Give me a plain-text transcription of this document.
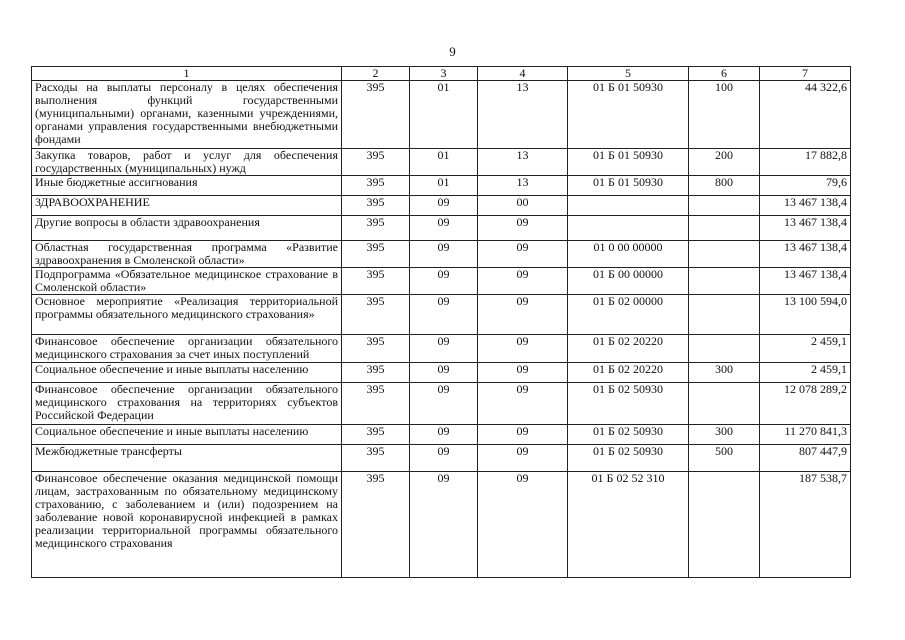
9
1	2	3	4	5	6	7
Расходы на выплаты персоналу в целях обеспечения выполнения функций государственными (муниципальными) органами, казенными учреждениями, органами управления государственными внебюджетными фондами	395	01	13	01 Б 01 50930	100	44 322,6
Закупка товаров, работ и услуг для обеспечения государственных (муниципальных) нужд	395	01	13	01 Б 01 50930	200	17 882,8
Иные бюджетные ассигнования	395	01	13	01 Б 01 50930	800	79,6
ЗДРАВООХРАНЕНИЕ	395	09	00			13 467 138,4
Другие вопросы в области здравоохранения	395	09	09			13 467 138,4
Областная государственная программа «Развитие здравоохранения в Смоленской области»	395	09	09	01 0 00 00000		13 467 138,4
Подпрограмма «Обязательное медицинское страхование в Смоленской области»	395	09	09	01 Б 00 00000		13 467 138,4
Основное мероприятие «Реализация территориальной программы обязательного медицинского страхования»	395	09	09	01 Б 02 00000		13 100 594,0
Финансовое обеспечение организации обязательного медицинского страхования за счет иных поступлений	395	09	09	01 Б 02 20220		2 459,1
Социальное обеспечение и иные выплаты населению	395	09	09	01 Б 02 20220	300	2 459,1
Финансовое обеспечение организации обязательного медицинского страхования на территориях субъектов Российской Федерации	395	09	09	01 Б 02 50930		12 078 289,2
Социальное обеспечение и иные выплаты населению	395	09	09	01 Б 02 50930	300	11 270 841,3
Межбюджетные трансферты	395	09	09	01 Б 02 50930	500	807 447,9
Финансовое обеспечение оказания медицинской помощи лицам, застрахованным по обязательному медицинскому страхованию, с заболеванием и (или) подозрением на заболевание новой коронавирусной инфекцией в рамках реализации территориальной программы обязательного медицинского страхования	395	09	09	01 Б 02 52 310		187 538,7
